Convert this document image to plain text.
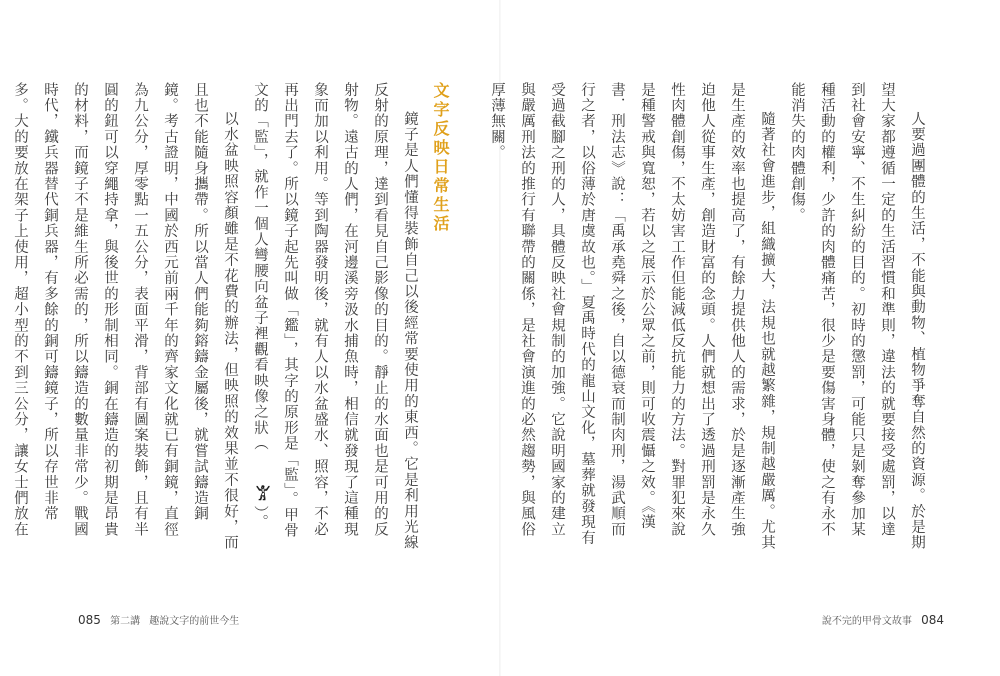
文字反映日常生活

鏡子是人們懂得裝飾自己以後經常要使用的東西。它是利用光線反射的原理，達到看見自己影像的目的。靜止的水面也是可用的反射物。遠古的人們，在河邊溪旁汲水捕魚時，相信就發現了這種現象而加以利用。等到陶器發明後，就有人以水盆盛水、照容，不必再出門去了。所以鏡子起先叫做「鑑」，其字的原形是「監」。甲骨文的「監」，就作一個人彎腰向盆子裡觀看映像之狀（𓀠）。

以水盆映照容顏雖是不花費的辦法，但映照的效果並不很好，而且也不能隨身攜帶。所以當人們能夠鎔鑄金屬後，就嘗試鑄造銅鏡。考古證明，中國於西元前兩千年的齊家文化就已有銅鏡，直徑為九公分，厚零點一五公分，表面平滑，背部有圖案裝飾，且有半圓的鈕可以穿繩持拿，與後世的形制相同。銅在鑄造的初期是昂貴的材料，而鏡子不是維生所必需的，所以鑄造的數量非常少。戰國時代，鐵兵器替代銅兵器，有多餘的銅可鑄鏡子，所以存世非常多。大的要放在架子上使用，超小型的不到三公分，讓女士們放在

085 第二講 趣說文字的前世今生

人要過團體的生活，不能與動物、植物爭奪自然的資源。於是期望大家都遵循一定的生活習慣和準則，違法的就要接受處罰，以達到社會安寧、不生糾紛的目的。初時的懲罰，可能只是剝奪參加某種活動的權利，少許的肉體痛苦，很少是要傷害身體，使之有永不能消失的肉體創傷。

隨著社會進步，組織擴大，法規也就越繁雜，規制越嚴厲。尤其是生產的效率也提高了，有餘力提供他人的需求，於是逐漸產生強迫他人從事生產，創造財富的念頭。人們就想出了透過刑罰是永久性肉體創傷，不太妨害工作但能減低反抗能力的方法。對罪犯來說是種警戒與寬恕，若以之展示於公眾之前，則可收震懾之效。《漢書．刑法志》說：「禹承堯舜之後，自以德衰而制肉刑，湯武順而行之者，以俗薄於唐虞故也。」夏禹時代的龍山文化，墓葬就發現有受過截腳之刑的人，具體反映社會規制的加強。它說明國家的建立與嚴厲刑法的推行有聯帶的關係，是社會演進的必然趨勢，與風俗厚薄無關。

說不完的甲骨文故事 084
